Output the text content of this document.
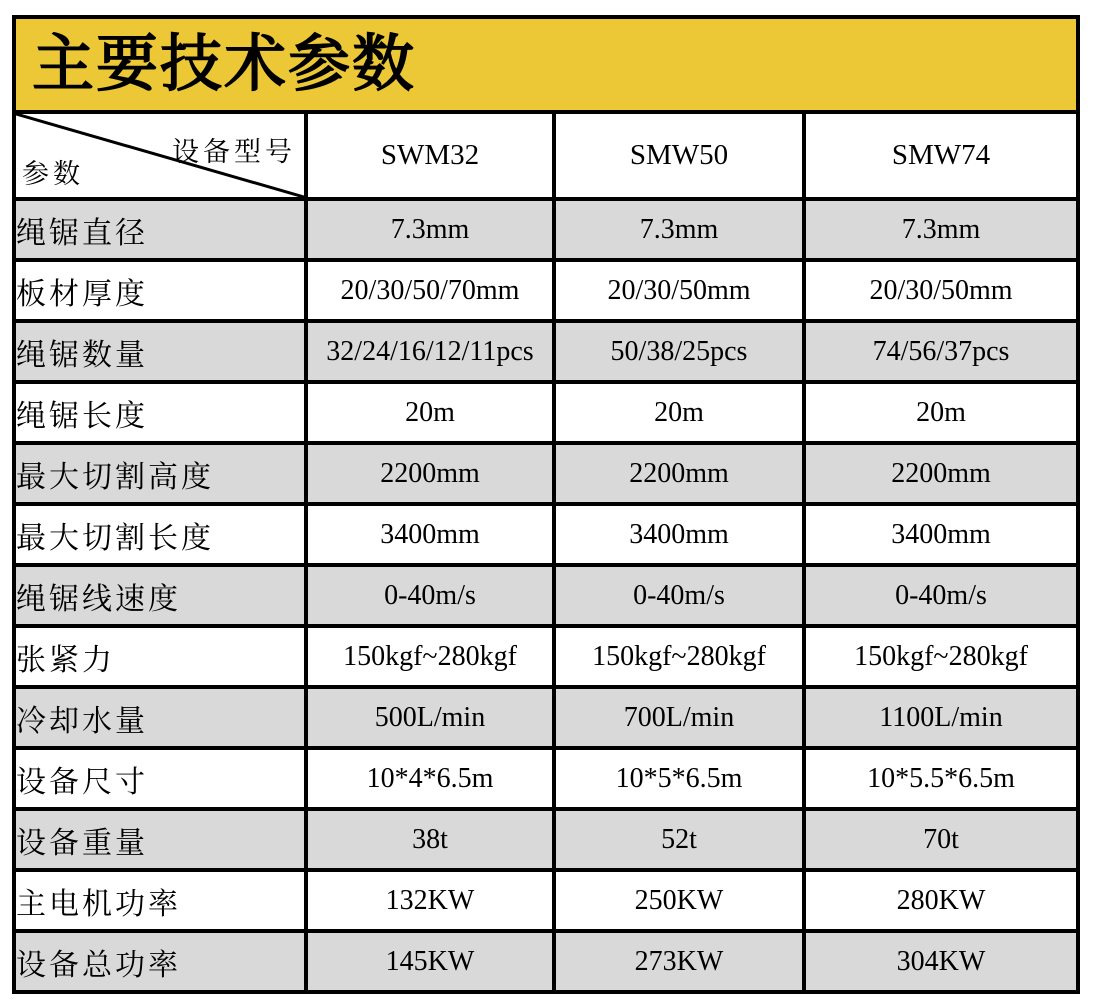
主要技术参数			

设备型号
参数	SWM32	SMW50	SMW74
绳锯直径	7.3mm	7.3mm	7.3mm
板材厚度	20/30/50/70mm	20/30/50mm	20/30/50mm
绳锯数量	32/24/16/12/11pcs	50/38/25pcs	74/56/37pcs
绳锯长度	20m	20m	20m
最大切割高度	2200mm	2200mm	2200mm
最大切割长度	3400mm	3400mm	3400mm
绳锯线速度	0-40m/s	0-40m/s	0-40m/s
张紧力	150kgf~280kgf	150kgf~280kgf	150kgf~280kgf
冷却水量	500L/min	700L/min	1100L/min
设备尺寸	10*4*6.5m	10*5*6.5m	10*5.5*6.5m
设备重量	38t	52t	70t
主电机功率	132KW	250KW	280KW
设备总功率	145KW	273KW	304KW
